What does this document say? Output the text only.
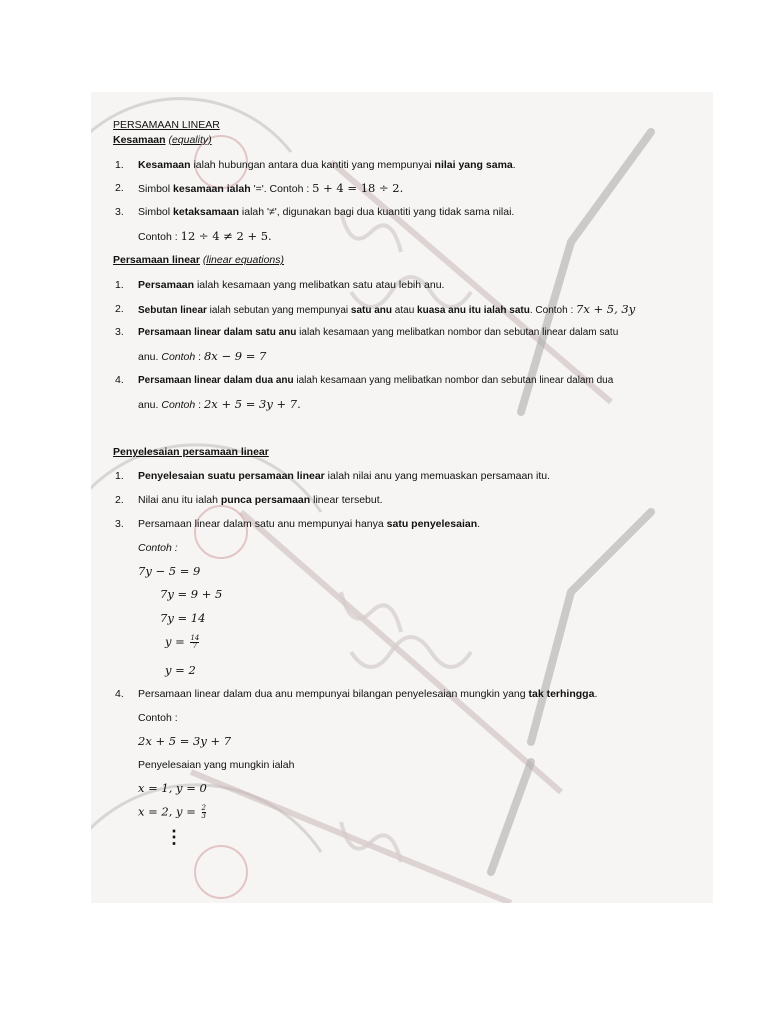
PERSAMAAN LINEAR
Kesamaan (equality)
1. Kesamaan ialah hubungan antara dua kantiti yang mempunyai nilai yang sama.
2. Simbol kesamaan ialah '='. Contoh : 5 + 4 = 18 ÷ 2.
3. Simbol ketaksamaan ialah '≠', digunakan bagi dua kuantiti yang tidak sama nilai.
Contoh : 12 ÷ 4 ≠ 2 + 5.
Persamaan linear (linear equations)
1. Persamaan ialah kesamaan yang melibatkan satu atau lebih anu.
2. Sebutan linear ialah sebutan yang mempunyai satu anu atau kuasa anu itu ialah satu. Contoh : 7x + 5, 3y
3. Persamaan linear dalam satu anu ialah kesamaan yang melibatkan nombor dan sebutan linear dalam satu
anu. Contoh : 8x − 9 = 7
4. Persamaan linear dalam dua anu ialah kesamaan yang melibatkan nombor dan sebutan linear dalam dua
anu. Contoh : 2x + 5 = 3y + 7.
Penyelesaian persamaan linear
1. Penyelesaian suatu persamaan linear ialah nilai anu yang memuaskan persamaan itu.
2. Nilai anu itu ialah punca persamaan linear tersebut.
3. Persamaan linear dalam satu anu mempunyai hanya satu penyelesaian.
Contoh :
7y − 5 = 9
7y = 9 + 5
7y = 14
$y = \frac{14}{7}$
y = 2
4. Persamaan linear dalam dua anu mempunyai bilangan penyelesaian mungkin yang tak terhingga.
Contoh :
2x + 5 = 3y + 7
Penyelesaian yang mungkin ialah
x = 1, y = 0
x = 2, $y = \frac{2}{3}$
⋮
